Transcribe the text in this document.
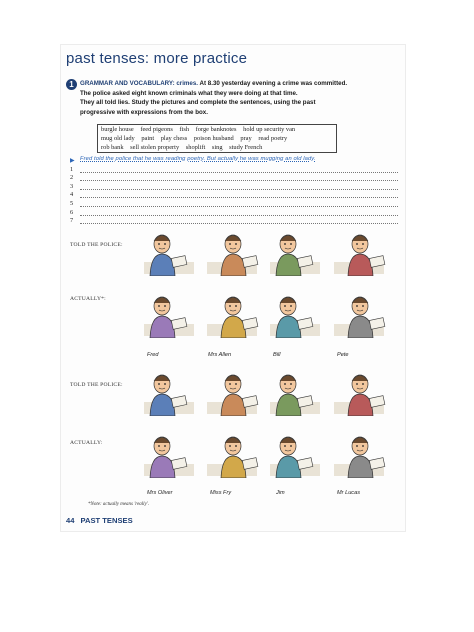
past tenses: more practice
1	GRAMMAR AND VOCABULARY: crimes. At 8.30 yesterday evening a crime was committed.
The police asked eight known criminals what they were doing at that time.
They all told lies. Study the pictures and complete the sentences, using the past
progressive with expressions from the box.
burgle house feed pigeons fish forge banknotes hold up security van
mug old lady paint play chess poison husband pray read poetry
rob bank sell stolen property shoplift sing study French
▶ Fred told the police that he was reading poetry. But actually he was mugging an old lady.
1
2
3
4
5
6
7
TOLD THE POLICE:
ACTUALLY*:
TOLD THE POLICE:
ACTUALLY:
Fred	Mrs Allen	Bill	Pete
Mrs Oliver	Miss Fry	Jim	Mr Lucas
*Note: actually means 'really'.
44 PAST TENSES
